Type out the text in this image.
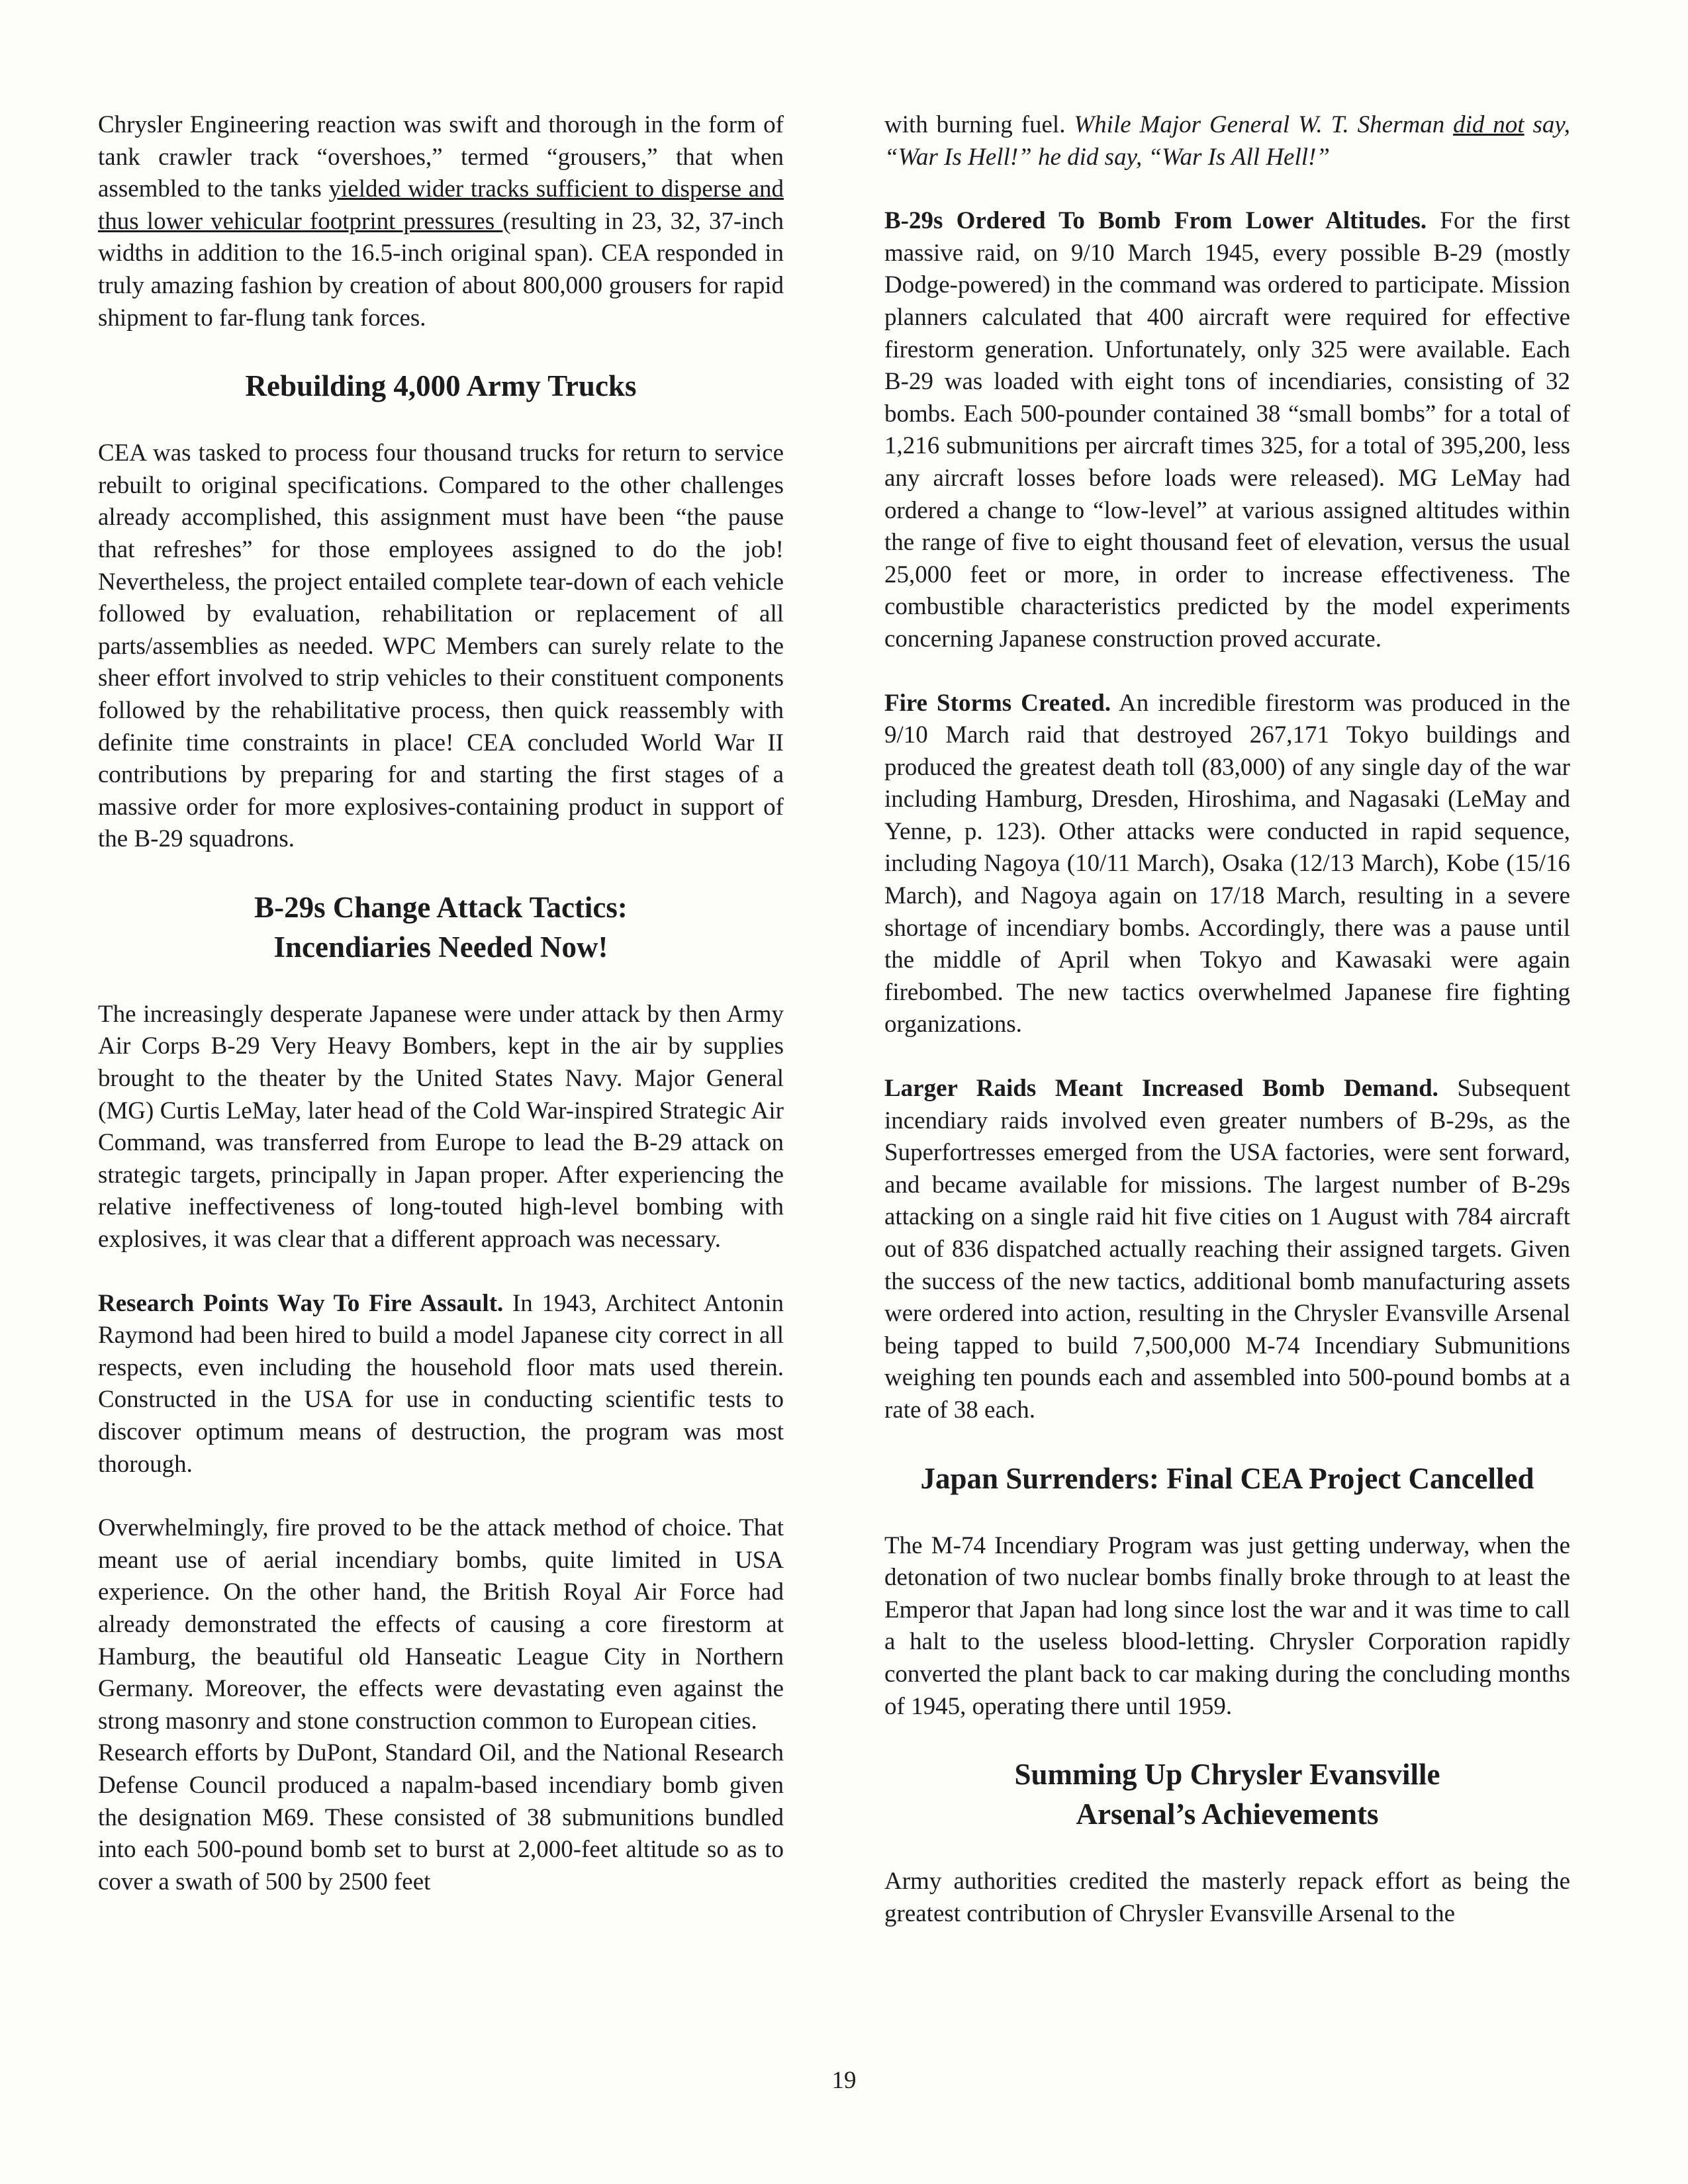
Chrysler Engineering reaction was swift and thorough in the form of tank crawler track “overshoes,” termed “grousers,” that when assembled to the tanks yielded wider tracks sufficient to disperse and thus lower vehicular footprint pressures (resulting in 23, 32, 37-inch widths in addition to the 16.5-inch original span). CEA responded in truly amazing fashion by creation of about 800,000 grousers for rapid shipment to far-flung tank forces.

Rebuilding 4,000 Army Trucks

CEA was tasked to process four thousand trucks for return to service rebuilt to original specifications. Compared to the other challenges already accomplished, this assignment must have been “the pause that refreshes” for those employees assigned to do the job! Nevertheless, the project entailed complete tear-down of each vehicle followed by evaluation, rehabilitation or replacement of all parts/assemblies as needed. WPC Members can surely relate to the sheer effort involved to strip vehicles to their constituent components followed by the rehabilitative process, then quick reassembly with definite time constraints in place! CEA concluded World War II contributions by preparing for and starting the first stages of a massive order for more explosives-containing product in support of the B-29 squadrons.

B-29s Change Attack Tactics:
Incendiaries Needed Now!

The increasingly desperate Japanese were under attack by then Army Air Corps B-29 Very Heavy Bombers, kept in the air by supplies brought to the theater by the United States Navy. Major General (MG) Curtis LeMay, later head of the Cold War-inspired Strategic Air Command, was transferred from Europe to lead the B-29 attack on strategic targets, principally in Japan proper. After experiencing the relative ineffectiveness of long-touted high-level bombing with explosives, it was clear that a different approach was necessary.

Research Points Way To Fire Assault. In 1943, Architect Antonin Raymond had been hired to build a model Japanese city correct in all respects, even including the household floor mats used therein. Constructed in the USA for use in conducting scientific tests to discover optimum means of destruction, the program was most thorough.

Overwhelmingly, fire proved to be the attack method of choice. That meant use of aerial incendiary bombs, quite limited in USA experience. On the other hand, the British Royal Air Force had already demonstrated the effects of causing a core firestorm at Hamburg, the beautiful old Hanseatic League City in Northern Germany. Moreover, the effects were devastating even against the strong masonry and stone construction common to European cities.

Research efforts by DuPont, Standard Oil, and the National Research Defense Council produced a napalm-based incendiary bomb given the designation M69. These consisted of 38 submunitions bundled into each 500-pound bomb set to burst at 2,000-feet altitude so as to cover a swath of 500 by 2500 feet

with burning fuel. While Major General W. T. Sherman did not say, “War Is Hell!” he did say, “War Is All Hell!”

B-29s Ordered To Bomb From Lower Altitudes. For the first massive raid, on 9/10 March 1945, every possible B-29 (mostly Dodge-powered) in the command was ordered to participate. Mission planners calculated that 400 aircraft were required for effective firestorm generation. Unfortunately, only 325 were available. Each B-29 was loaded with eight tons of incendiaries, consisting of 32 bombs. Each 500-pounder contained 38 “small bombs” for a total of 1,216 submunitions per aircraft times 325, for a total of 395,200, less any aircraft losses before loads were released). MG LeMay had ordered a change to “low-level” at various assigned altitudes within the range of five to eight thousand feet of elevation, versus the usual 25,000 feet or more, in order to increase effectiveness. The combustible characteristics predicted by the model experiments concerning Japanese construction proved accurate.

Fire Storms Created. An incredible firestorm was produced in the 9/10 March raid that destroyed 267,171 Tokyo buildings and produced the greatest death toll (83,000) of any single day of the war including Hamburg, Dresden, Hiroshima, and Nagasaki (LeMay and Yenne, p. 123). Other attacks were conducted in rapid sequence, including Nagoya (10/11 March), Osaka (12/13 March), Kobe (15/16 March), and Nagoya again on 17/18 March, resulting in a severe shortage of incendiary bombs. Accordingly, there was a pause until the middle of April when Tokyo and Kawasaki were again firebombed. The new tactics overwhelmed Japanese fire fighting organizations.

Larger Raids Meant Increased Bomb Demand. Subsequent incendiary raids involved even greater numbers of B-29s, as the Superfortresses emerged from the USA factories, were sent forward, and became available for missions. The largest number of B-29s attacking on a single raid hit five cities on 1 August with 784 aircraft out of 836 dispatched actually reaching their assigned targets. Given the success of the new tactics, additional bomb manufacturing assets were ordered into action, resulting in the Chrysler Evansville Arsenal being tapped to build 7,500,000 M-74 Incendiary Submunitions weighing ten pounds each and assembled into 500-pound bombs at a rate of 38 each.

Japan Surrenders: Final CEA Project Cancelled

The M-74 Incendiary Program was just getting underway, when the detonation of two nuclear bombs finally broke through to at least the Emperor that Japan had long since lost the war and it was time to call a halt to the useless blood-letting. Chrysler Corporation rapidly converted the plant back to car making during the concluding months of 1945, operating there until 1959.

Summing Up Chrysler Evansville
Arsenal’s Achievements

Army authorities credited the masterly repack effort as being the greatest contribution of Chrysler Evansville Arsenal to the

19
